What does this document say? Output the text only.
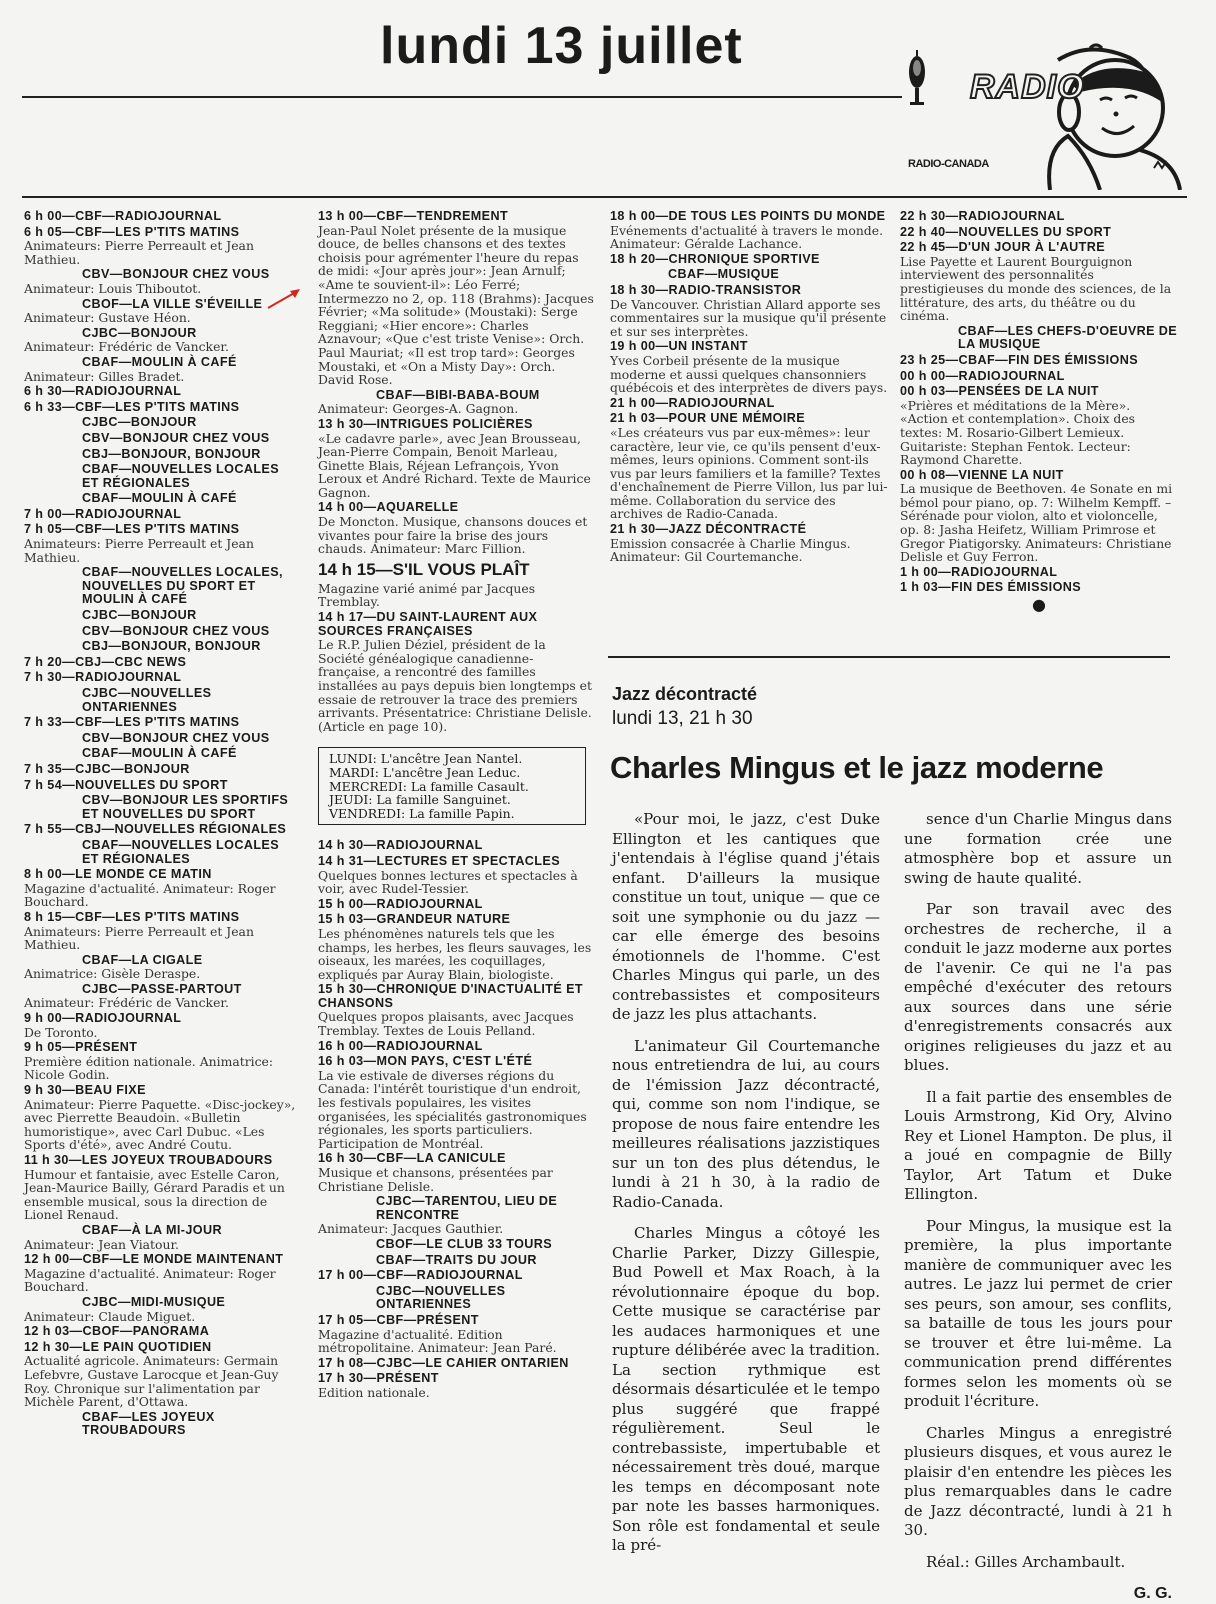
lundi 13 juillet
RADIO
RADIO-CANADA
6 h 00—CBF—RADIOJOURNAL
6 h 05—CBF—LES P'TITS MATINS
Animateurs: Pierre Perreault et Jean Mathieu.
CBV—BONJOUR CHEZ VOUS
Animateur: Louis Thiboutot.
CBOF—LA VILLE S'ÉVEILLE
Animateur: Gustave Héon.
CJBC—BONJOUR
Animateur: Frédéric de Vancker.
CBAF—MOULIN À CAFÉ
Animateur: Gilles Bradet.
6 h 30—RADIOJOURNAL
6 h 33—CBF—LES P'TITS MATINS
CJBC—BONJOUR
CBV—BONJOUR CHEZ VOUS
CBJ—BONJOUR, BONJOUR
CBAF—NOUVELLES LOCALES ET RÉGIONALES
CBAF—MOULIN À CAFÉ
7 h 00—RADIOJOURNAL
7 h 05—CBF—LES P'TITS MATINS
Animateurs: Pierre Perreault et Jean Mathieu.
CBAF—NOUVELLES LOCALES, NOUVELLES DU SPORT ET MOULIN À CAFÉ
CJBC—BONJOUR
CBV—BONJOUR CHEZ VOUS
CBJ—BONJOUR, BONJOUR
7 h 20—CBJ—CBC NEWS
7 h 30—RADIOJOURNAL
CJBC—NOUVELLES ONTARIENNES
7 h 33—CBF—LES P'TITS MATINS
CBV—BONJOUR CHEZ VOUS
CBAF—MOULIN À CAFÉ
7 h 35—CJBC—BONJOUR
7 h 54—NOUVELLES DU SPORT
CBV—BONJOUR LES SPORTIFS ET NOUVELLES DU SPORT
7 h 55—CBJ—NOUVELLES RÉGIONALES
CBAF—NOUVELLES LOCALES ET RÉGIONALES
8 h 00—LE MONDE CE MATIN
Magazine d'actualité. Animateur: Roger Bouchard.
8 h 15—CBF—LES P'TITS MATINS
Animateurs: Pierre Perreault et Jean Mathieu.
CBAF—LA CIGALE
Animatrice: Gisèle Deraspe.
CJBC—PASSE-PARTOUT
Animateur: Frédéric de Vancker.
9 h 00—RADIOJOURNAL
De Toronto.
9 h 05—PRÉSENT
Première édition nationale. Animatrice: Nicole Godin.
9 h 30—BEAU FIXE
Animateur: Pierre Paquette. «Disc-jockey», avec Pierrette Beaudoin. «Bulletin humoristique», avec Carl Dubuc. «Les Sports d'été», avec André Coutu.
11 h 30—LES JOYEUX TROUBADOURS
Humour et fantaisie, avec Estelle Caron, Jean-Maurice Bailly, Gérard Paradis et un ensemble musical, sous la direction de Lionel Renaud.
CBAF—À LA MI-JOUR
Animateur: Jean Viatour.
12 h 00—CBF—LE MONDE MAINTENANT
Magazine d'actualité. Animateur: Roger Bouchard.
CJBC—MIDI-MUSIQUE
Animateur: Claude Miguet.
12 h 03—CBOF—PANORAMA
12 h 30—LE PAIN QUOTIDIEN
Actualité agricole. Animateurs: Germain Lefebvre, Gustave Larocque et Jean-Guy Roy. Chronique sur l'alimentation par Michèle Parent, d'Ottawa.
CBAF—LES JOYEUX TROUBADOURS
13 h 00—CBF—TENDREMENT
Jean-Paul Nolet présente de la musique douce, de belles chansons et des textes choisis pour agrémenter l'heure du repas de midi: «Jour après jour»: Jean Arnulf; «Ame te souvient-il»: Léo Ferré; Intermezzo no 2, op. 118 (Brahms): Jacques Février; «Ma solitude» (Moustaki): Serge Reggiani; «Hier encore»: Charles Aznavour; «Que c'est triste Venise»: Orch. Paul Mauriat; «Il est trop tard»: Georges Moustaki, et «On a Misty Day»: Orch. David Rose.
CBAF—BIBI-BABA-BOUM
Animateur: Georges-A. Gagnon.
13 h 30—INTRIGUES POLICIÈRES
«Le cadavre parle», avec Jean Brousseau, Jean-Pierre Compain, Benoit Marleau, Ginette Blais, Réjean Lefrançois, Yvon Leroux et André Richard. Texte de Maurice Gagnon.
14 h 00—AQUARELLE
De Moncton. Musique, chansons douces et vivantes pour faire la brise des jours chauds. Animateur: Marc Fillion.
14 h 15—S'IL VOUS PLAÎT
Magazine varié animé par Jacques Tremblay.
14 h 17—DU SAINT-LAURENT AUX SOURCES FRANÇAISES
Le R.P. Julien Déziel, président de la Société généalogique canadienne-française, a rencontré des familles installées au pays depuis bien longtemps et essaie de retrouver la trace des premiers arrivants. Présentatrice: Christiane Delisle. (Article en page 10).
LUNDI: L'ancêtre Jean Nantel.
MARDI: L'ancêtre Jean Leduc.
MERCREDI: La famille Casault.
JEUDI: La famille Sanguinet.
VENDREDI: La famille Papin.
14 h 30—RADIOJOURNAL
14 h 31—LECTURES ET SPECTACLES
Quelques bonnes lectures et spectacles à voir, avec Rudel-Tessier.
15 h 00—RADIOJOURNAL
15 h 03—GRANDEUR NATURE
Les phénomènes naturels tels que les champs, les herbes, les fleurs sauvages, les oiseaux, les marées, les coquillages, expliqués par Auray Blain, biologiste.
15 h 30—CHRONIQUE D'INACTUALITÉ ET CHANSONS
Quelques propos plaisants, avec Jacques Tremblay. Textes de Louis Pelland.
16 h 00—RADIOJOURNAL
16 h 03—MON PAYS, C'EST L'ÉTÉ
La vie estivale de diverses régions du Canada: l'intérêt touristique d'un endroit, les festivals populaires, les visites organisées, les spécialités gastronomiques régionales, les sports particuliers. Participation de Montréal.
16 h 30—CBF—LA CANICULE
Musique et chansons, présentées par Christiane Delisle.
CJBC—TARENTOU, LIEU DE RENCONTRE
Animateur: Jacques Gauthier.
CBOF—LE CLUB 33 TOURS
CBAF—TRAITS DU JOUR
17 h 00—CBF—RADIOJOURNAL
CJBC—NOUVELLES ONTARIENNES
17 h 05—CBF—PRÉSENT
Magazine d'actualité. Edition métropolitaine. Animateur: Jean Paré.
17 h 08—CJBC—LE CAHIER ONTARIEN
17 h 30—PRÉSENT
Edition nationale.
18 h 00—DE TOUS LES POINTS DU MONDE
Evénements d'actualité à travers le monde. Animateur: Géralde Lachance.
18 h 20—CHRONIQUE SPORTIVE
CBAF—MUSIQUE
18 h 30—RADIO-TRANSISTOR
De Vancouver. Christian Allard apporte ses commentaires sur la musique qu'il présente et sur ses interprètes.
19 h 00—UN INSTANT
Yves Corbeil présente de la musique moderne et aussi quelques chansonniers québécois et des interprètes de divers pays.
21 h 00—RADIOJOURNAL
21 h 03—POUR UNE MÉMOIRE
«Les créateurs vus par eux-mêmes»: leur caractère, leur vie, ce qu'ils pensent d'eux-mêmes, leurs opinions. Comment sont-ils vus par leurs familiers et la famille? Textes d'enchaînement de Pierre Villon, lus par lui-même. Collaboration du service des archives de Radio-Canada.
21 h 30—JAZZ DÉCONTRACTÉ
Emission consacrée à Charlie Mingus. Animateur: Gil Courtemanche.
22 h 30—RADIOJOURNAL
22 h 40—NOUVELLES DU SPORT
22 h 45—D'UN JOUR À L'AUTRE
Lise Payette et Laurent Bourguignon interviewent des personnalités prestigieuses du monde des sciences, de la littérature, des arts, du théâtre ou du cinéma.
CBAF—LES CHEFS-D'OEUVRE DE LA MUSIQUE
23 h 25—CBAF—FIN DES ÉMISSIONS
00 h 00—RADIOJOURNAL
00 h 03—PENSÉES DE LA NUIT
«Prières et méditations de la Mère». «Action et contemplation». Choix des textes: M. Rosario-Gilbert Lemieux. Guitariste: Stephan Fentok. Lecteur: Raymond Charette.
00 h 08—VIENNE LA NUIT
La musique de Beethoven. 4e Sonate en mi bémol pour piano, op. 7: Wilhelm Kempff. – Sérénade pour violon, alto et violoncelle, op. 8: Jasha Heifetz, William Primrose et Gregor Piatigorsky. Animateurs: Christiane Delisle et Guy Ferron.
1 h 00—RADIOJOURNAL
1 h 03—FIN DES ÉMISSIONS
●
Jazz décontracté
lundi 13, 21 h 30
Charles Mingus et le jazz moderne

«Pour moi, le jazz, c'est Duke Ellington et les cantiques que j'entendais à l'église quand j'étais enfant. D'ailleurs la musique constitue un tout, unique — que ce soit une symphonie ou du jazz — car elle émerge des besoins émotionnels de l'homme. C'est Charles Mingus qui parle, un des contrebassistes et compositeurs de jazz les plus attachants.

L'animateur Gil Courtemanche nous entretiendra de lui, au cours de l'émission Jazz décontracté, qui, comme son nom l'indique, se propose de nous faire entendre les meilleures réalisations jazzistiques sur un ton des plus détendus, le lundi à 21 h 30, à la radio de Radio-Canada.

Charles Mingus a côtoyé les Charlie Parker, Dizzy Gillespie, Bud Powell et Max Roach, à la révolutionnaire époque du bop. Cette musique se caractérise par les audaces harmoniques et une rupture délibérée avec la tradition. La section rythmique est désormais désarticulée et le tempo plus suggéré que frappé régulièrement. Seul le contrebassiste, impertubable et nécessairement très doué, marque les temps en décomposant note par note les basses harmoniques. Son rôle est fondamental et seule la pré-

sence d'un Charlie Mingus dans une formation crée une atmosphère bop et assure un swing de haute qualité.

Par son travail avec des orchestres de recherche, il a conduit le jazz moderne aux portes de l'avenir. Ce qui ne l'a pas empêché d'exécuter des retours aux sources dans une série d'enregistrements consacrés aux origines religieuses du jazz et au blues.

Il a fait partie des ensembles de Louis Armstrong, Kid Ory, Alvino Rey et Lionel Hampton. De plus, il a joué en compagnie de Billy Taylor, Art Tatum et Duke Ellington.

Pour Mingus, la musique est la première, la plus importante manière de communiquer avec les autres. Le jazz lui permet de crier ses peurs, son amour, ses conflits, sa bataille de tous les jours pour se trouver et être lui-même. La communication prend différentes formes selon les moments où se produit l'écriture.

Charles Mingus a enregistré plusieurs disques, et vous aurez le plaisir d'en entendre les pièces les plus remarquables dans le cadre de Jazz décontracté, lundi à 21 h 30.

Réal.: Gilles Archambault.

G. G.
